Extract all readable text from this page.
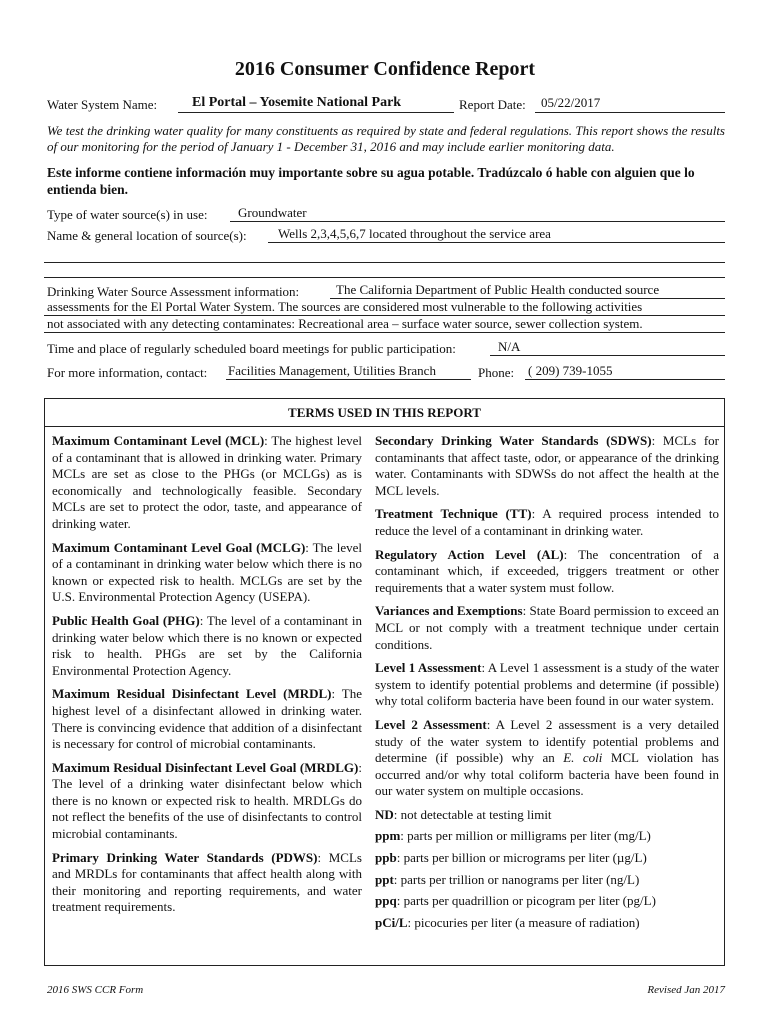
2016 Consumer Confidence Report
Water System Name:	El Portal – Yosemite National Park	Report Date:	05/22/2017
We test the drinking water quality for many constituents as required by state and federal regulations. This report shows the results of our monitoring for the period of January 1 - December 31, 2016 and may include earlier monitoring data.
Este informe contiene información muy importante sobre su agua potable. Tradúzcalo ó hable con alguien que lo entienda bien.
Type of water source(s) in use:	Groundwater
Name & general location of source(s):	Wells 2,3,4,5,6,7 located throughout the service area
Drinking Water Source Assessment information:	The California Department of Public Health conducted source
assessments for the El Portal Water System. The sources are considered most vulnerable to the following activities
not associated with any detecting contaminates: Recreational area – surface water source, sewer collection system.
Time and place of regularly scheduled board meetings for public participation:	N/A
For more information, contact: Facilities Management, Utilities Branch	Phone: ( 209) 739-1055
TERMS USED IN THIS REPORT

Maximum Contaminant Level (MCL): The highest level of a contaminant that is allowed in drinking water. Primary MCLs are set as close to the PHGs (or MCLGs) as is economically and technologically feasible. Secondary MCLs are set to protect the odor, taste, and appearance of drinking water.

Maximum Contaminant Level Goal (MCLG): The level of a contaminant in drinking water below which there is no known or expected risk to health. MCLGs are set by the U.S. Environmental Protection Agency (USEPA).

Public Health Goal (PHG): The level of a contaminant in drinking water below which there is no known or expected risk to health. PHGs are set by the California Environmental Protection Agency.

Maximum Residual Disinfectant Level (MRDL): The highest level of a disinfectant allowed in drinking water. There is convincing evidence that addition of a disinfectant is necessary for control of microbial contaminants.

Maximum Residual Disinfectant Level Goal (MRDLG): The level of a drinking water disinfectant below which there is no known or expected risk to health. MRDLGs do not reflect the benefits of the use of disinfectants to control microbial contaminants.

Primary Drinking Water Standards (PDWS): MCLs and MRDLs for contaminants that affect health along with their monitoring and reporting requirements, and water treatment requirements.

Secondary Drinking Water Standards (SDWS): MCLs for contaminants that affect taste, odor, or appearance of the drinking water. Contaminants with SDWSs do not affect the health at the MCL levels.

Treatment Technique (TT): A required process intended to reduce the level of a contaminant in drinking water.

Regulatory Action Level (AL): The concentration of a contaminant which, if exceeded, triggers treatment or other requirements that a water system must follow.

Variances and Exemptions: State Board permission to exceed an MCL or not comply with a treatment technique under certain conditions.

Level 1 Assessment: A Level 1 assessment is a study of the water system to identify potential problems and determine (if possible) why total coliform bacteria have been found in our water system.

Level 2 Assessment: A Level 2 assessment is a very detailed study of the water system to identify potential problems and determine (if possible) why an E. coli MCL violation has occurred and/or why total coliform bacteria have been found in our water system on multiple occasions.

ND: not detectable at testing limit

ppm: parts per million or milligrams per liter (mg/L)

ppb: parts per billion or micrograms per liter (µg/L)

ppt: parts per trillion or nanograms per liter (ng/L)

ppq: parts per quadrillion or picogram per liter (pg/L)

pCi/L: picocuries per liter (a measure of radiation)

2016 SWS CCR Form	Revised Jan 2017
